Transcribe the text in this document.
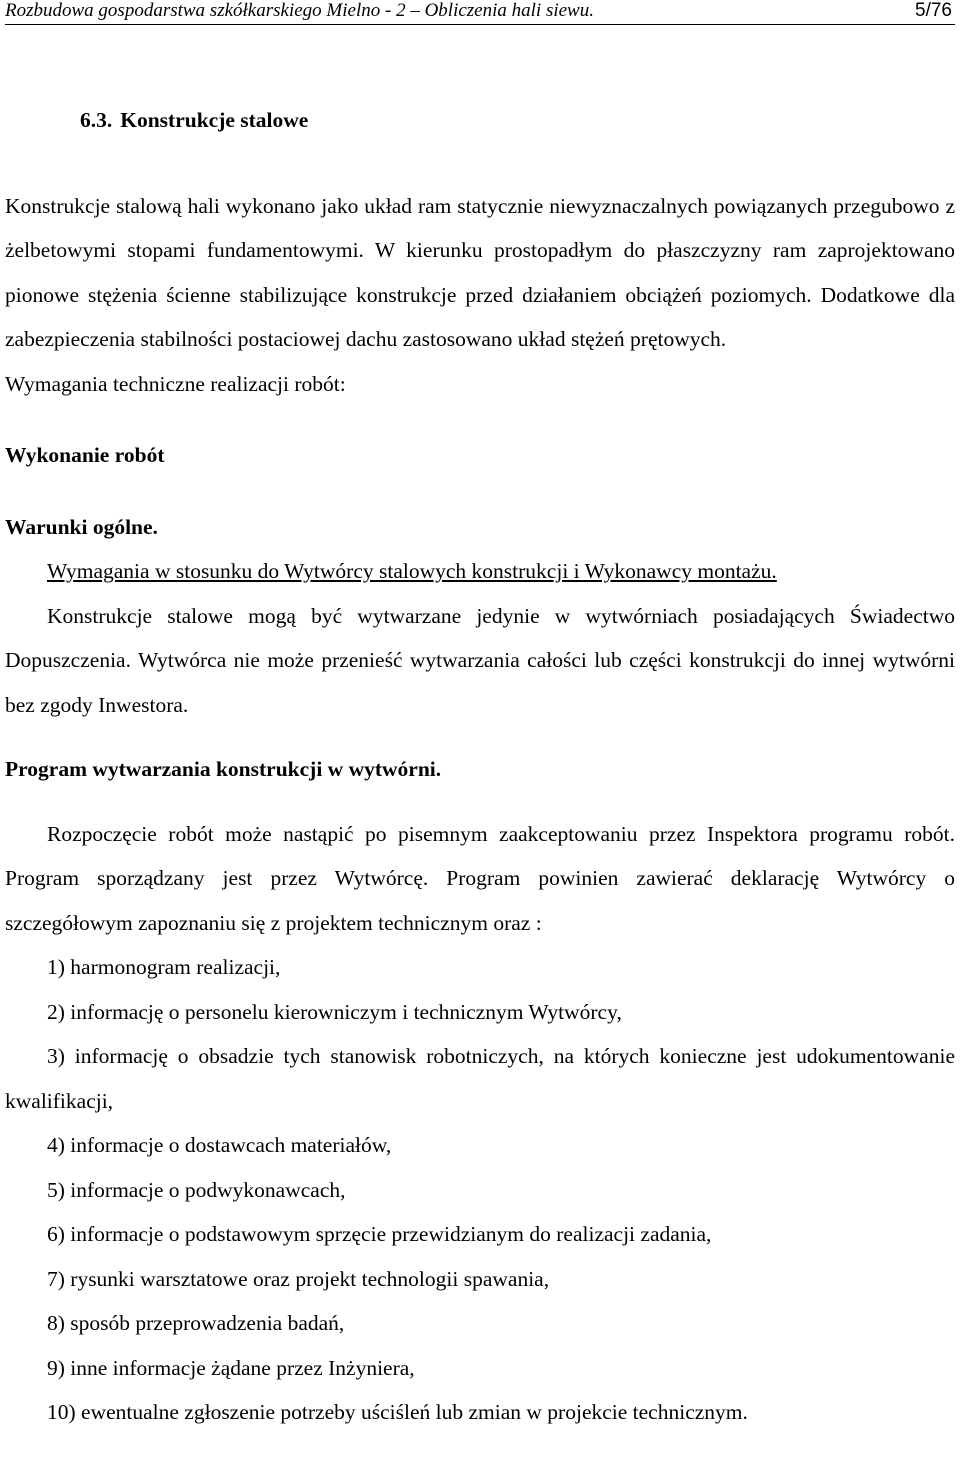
Rozbudowa gospodarstwa szkółkarskiego Mielno - 2 – Obliczenia hali siewu.	5/76
6.3. Konstrukcje stalowe

Konstrukcje stalową hali wykonano jako układ ram statycznie niewyznaczalnych powiązanych przegubowo z żelbetowymi stopami fundamentowymi. W kierunku prostopadłym do płaszczyzny ram zaprojektowano pionowe stężenia ścienne stabilizujące konstrukcje przed działaniem obciążeń poziomych. Dodatkowe dla zabezpieczenia stabilności postaciowej dachu zastosowano układ stężeń prętowych.

Wymagania techniczne realizacji robót:

Wykonanie robót

Warunki ogólne.

Wymagania w stosunku do Wytwórcy stalowych konstrukcji i Wykonawcy montażu.

Konstrukcje stalowe mogą być wytwarzane jedynie w wytwórniach posiadających Świadectwo Dopuszczenia. Wytwórca nie może przenieść wytwarzania całości lub części konstrukcji do innej wytwórni bez zgody Inwestora.

Program wytwarzania konstrukcji w wytwórni.

Rozpoczęcie robót może nastąpić po pisemnym zaakceptowaniu przez Inspektora programu robót. Program sporządzany jest przez Wytwórcę. Program powinien zawierać deklarację Wytwórcy o szczegółowym zapoznaniu się z projektem technicznym oraz :

1) harmonogram realizacji,

2) informację o personelu kierowniczym i technicznym Wytwórcy,

3) informację o obsadzie tych stanowisk robotniczych, na których konieczne jest udokumentowanie kwalifikacji,

4) informacje o dostawcach materiałów,

5) informacje o podwykonawcach,

6) informacje o podstawowym sprzęcie przewidzianym do realizacji zadania,

7) rysunki warsztatowe oraz projekt technologii spawania,

8) sposób przeprowadzenia badań,

9) inne informacje żądane przez Inżyniera,

10) ewentualne zgłoszenie potrzeby uściśleń lub zmian w projekcie technicznym.
